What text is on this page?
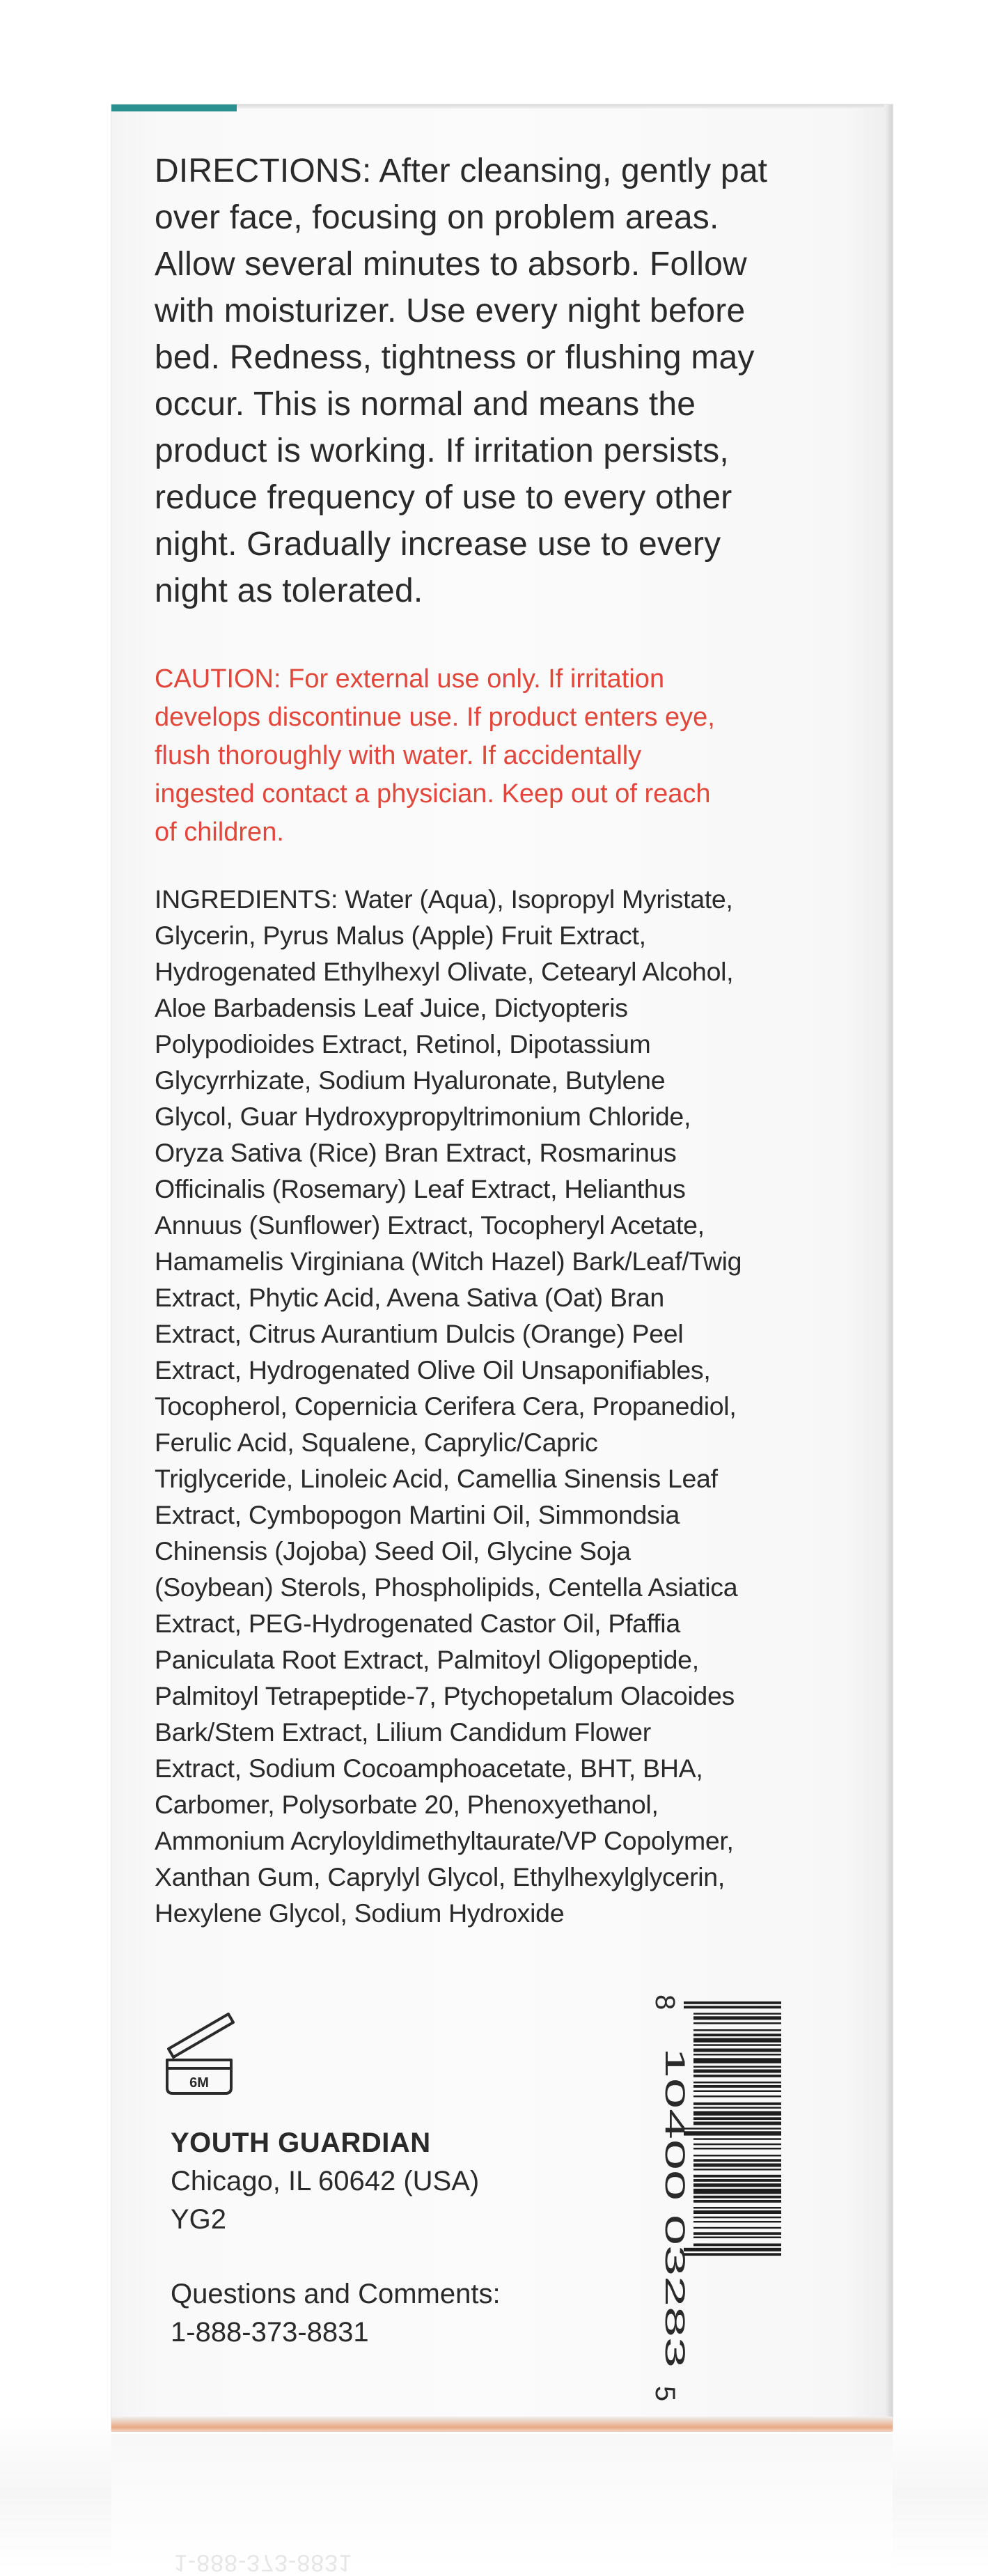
DIRECTIONS: After cleansing, gently pat
over face, focusing on problem areas.
Allow several minutes to absorb. Follow
with moisturizer. Use every night before
bed. Redness, tightness or flushing may
occur. This is normal and means the
product is working. If irritation persists,
reduce frequency of use to every other
night. Gradually increase use to every
night as tolerated.
CAUTION: For external use only. If irritation
develops discontinue use. If product enters eye,
flush thoroughly with water. If accidentally
ingested contact a physician. Keep out of reach
of children.
INGREDIENTS: Water (Aqua), Isopropyl Myristate,
Glycerin, Pyrus Malus (Apple) Fruit Extract,
Hydrogenated Ethylhexyl Olivate, Cetearyl Alcohol,
Aloe Barbadensis Leaf Juice, Dictyopteris
Polypodioides Extract, Retinol, Dipotassium
Glycyrrhizate, Sodium Hyaluronate, Butylene
Glycol, Guar Hydroxypropyltrimonium Chloride,
Oryza Sativa (Rice) Bran Extract, Rosmarinus
Officinalis (Rosemary) Leaf Extract, Helianthus
Annuus (Sunflower) Extract, Tocopheryl Acetate,
Hamamelis Virginiana (Witch Hazel) Bark/Leaf/Twig
Extract, Phytic Acid, Avena Sativa (Oat) Bran
Extract, Citrus Aurantium Dulcis (Orange) Peel
Extract, Hydrogenated Olive Oil Unsaponifiables,
Tocopherol, Copernicia Cerifera Cera, Propanediol,
Ferulic Acid, Squalene, Caprylic/Capric
Triglyceride, Linoleic Acid, Camellia Sinensis Leaf
Extract, Cymbopogon Martini Oil, Simmondsia
Chinensis (Jojoba) Seed Oil, Glycine Soja
(Soybean) Sterols, Phospholipids, Centella Asiatica
Extract, PEG-Hydrogenated Castor Oil, Pfaffia
Paniculata Root Extract, Palmitoyl Oligopeptide,
Palmitoyl Tetrapeptide-7, Ptychopetalum Olacoides
Bark/Stem Extract, Lilium Candidum Flower
Extract, Sodium Cocoamphoacetate, BHT, BHA,
Carbomer, Polysorbate 20, Phenoxyethanol,
Ammonium Acryloyldimethyltaurate/VP Copolymer,
Xanthan Gum, Caprylyl Glycol, Ethylhexylglycerin,
Hexylene Glycol, Sodium Hydroxide
6M
YOUTH GUARDIAN
Chicago, IL 60642 (USA)
YG2
Questions and Comments:
1-888-373-8831
8
10400
03283
5
1-888-373-8831
